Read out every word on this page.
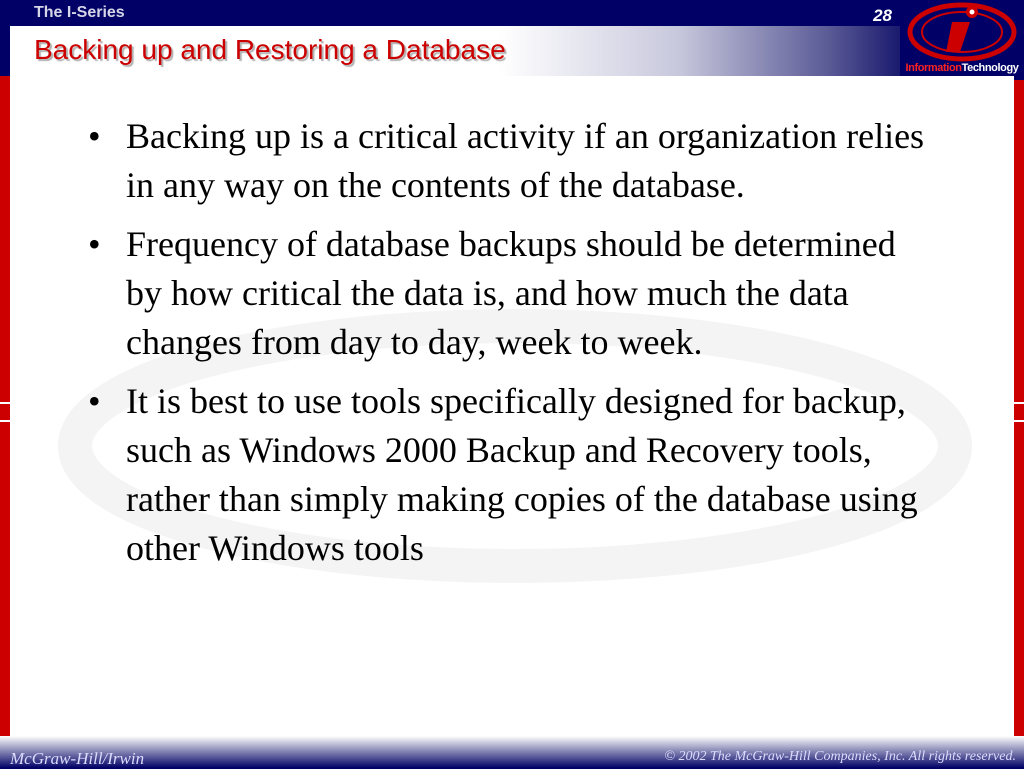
The I-Series	28
Backing up and Restoring a Database
InformationTechnology
• Backing up is a critical activity if an organization relies in any way on the contents of the database.
• Frequency of database backups should be determined by how critical the data is, and how much the data changes from day to day, week to week.
• It is best to use tools specifically designed for backup, such as Windows 2000 Backup and Recovery tools, rather than simply making copies of the database using other Windows tools
McGraw-Hill/Irwin	© 2002 The McGraw-Hill Companies, Inc. All rights reserved.
